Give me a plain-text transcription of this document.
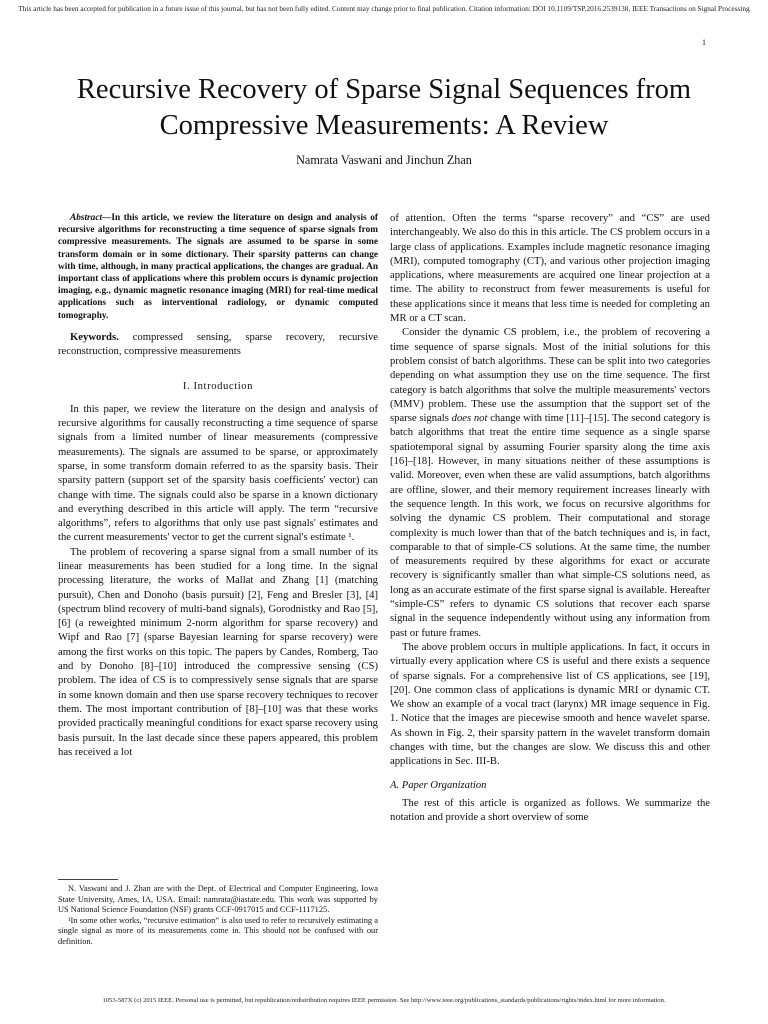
This article has been accepted for publication in a future issue of this journal, but has not been fully edited. Content may change prior to final publication. Citation information: DOI 10.1109/TSP.2016.2539138, IEEE Transactions on Signal Processing
1
Recursive Recovery of Sparse Signal Sequences from Compressive Measurements: A Review
Namrata Vaswani and Jinchun Zhan

Abstract—In this article, we review the literature on design and analysis of recursive algorithms for reconstructing a time sequence of sparse signals from compressive measurements. The signals are assumed to be sparse in some transform domain or in some dictionary. Their sparsity patterns can change with time, although, in many practical applications, the changes are gradual. An important class of applications where this problem occurs is dynamic projection imaging, e.g., dynamic magnetic resonance imaging (MRI) for real-time medical applications such as interventional radiology, or dynamic computed tomography.

Keywords. compressed sensing, sparse recovery, recursive reconstruction, compressive measurements

I. Introduction

In this paper, we review the literature on the design and analysis of recursive algorithms for causally reconstructing a time sequence of sparse signals from a limited number of linear measurements (compressive measurements). The signals are assumed to be sparse, or approximately sparse, in some transform domain referred to as the sparsity basis. Their sparsity pattern (support set of the sparsity basis coefficients' vector) can change with time. The signals could also be sparse in a known dictionary and everything described in this article will apply. The term “recursive algorithms”, refers to algorithms that only use past signals' estimates and the current measurements' vector to get the current signal's estimate ¹.

The problem of recovering a sparse signal from a small number of its linear measurements has been studied for a long time. In the signal processing literature, the works of Mallat and Zhang [1] (matching pursuit), Chen and Donoho (basis pursuit) [2], Feng and Bresler [3], [4] (spectrum blind recovery of multi-band signals), Gorodnistky and Rao [5], [6] (a reweighted minimum 2-norm algorithm for sparse recovery) and Wipf and Rao [7] (sparse Bayesian learning for sparse recovery) were among the first works on this topic. The papers by Candes, Romberg, Tao and by Donoho [8]–[10] introduced the compressive sensing (CS) problem. The idea of CS is to compressively sense signals that are sparse in some known domain and then use sparse recovery techniques to recover them. The most important contribution of [8]–[10] was that these works provided practically meaningful conditions for exact sparse recovery using basis pursuit. In the last decade since these papers appeared, this problem has received a lot

of attention. Often the terms “sparse recovery” and “CS” are used interchangeably. We also do this in this article. The CS problem occurs in a large class of applications. Examples include magnetic resonance imaging (MRI), computed tomography (CT), and various other projection imaging applications, where measurements are acquired one linear projection at a time. The ability to reconstruct from fewer measurements is useful for these applications since it means that less time is needed for completing an MR or a CT scan.

Consider the dynamic CS problem, i.e., the problem of recovering a time sequence of sparse signals. Most of the initial solutions for this problem consist of batch algorithms. These can be split into two categories depending on what assumption they use on the time sequence. The first category is batch algorithms that solve the multiple measurements' vectors (MMV) problem. These use the assumption that the support set of the sparse signals does not change with time [11]–[15]. The second category is batch algorithms that treat the entire time sequence as a single sparse spatiotemporal signal by assuming Fourier sparsity along the time axis [16]–[18]. However, in many situations neither of these assumptions is valid. Moreover, even when these are valid assumptions, batch algorithms are offline, slower, and their memory requirement increases linearly with the sequence length. In this work, we focus on recursive algorithms for solving the dynamic CS problem. Their computational and storage complexity is much lower than that of the batch techniques and is, in fact, comparable to that of simple-CS solutions. At the same time, the number of measurements required by these algorithms for exact or accurate recovery is significantly smaller than what simple-CS solutions need, as long as an accurate estimate of the first sparse signal is available. Hereafter “simple-CS” refers to dynamic CS solutions that recover each sparse signal in the sequence independently without using any information from past or future frames.

The above problem occurs in multiple applications. In fact, it occurs in virtually every application where CS is useful and there exists a sequence of sparse signals. For a comprehensive list of CS applications, see [19], [20]. One common class of applications is dynamic MRI or dynamic CT. We show an example of a vocal tract (larynx) MR image sequence in Fig. 1. Notice that the images are piecewise smooth and hence wavelet sparse. As shown in Fig. 2, their sparsity pattern in the wavelet transform domain changes with time, but the changes are slow. We discuss this and other applications in Sec. III-B.

A. Paper Organization

The rest of this article is organized as follows. We summarize the notation and provide a short overview of some

N. Vaswani and J. Zhan are with the Dept. of Electrical and Computer Engineering, Iowa State University, Ames, IA, USA. Email: namrata@iastate.edu. This work was supported by US National Science Foundation (NSF) grants CCF-0917015 and CCF-1117125.

¹In some other works, “recursive estimation” is also used to refer to recursively estimating a single signal as more of its measurements come in. This should not be confused with our definition.

1053-587X (c) 2015 IEEE. Personal use is permitted, but republication/redistribution requires IEEE permission. See http://www.ieee.org/publications_standards/publications/rights/index.html for more information.
